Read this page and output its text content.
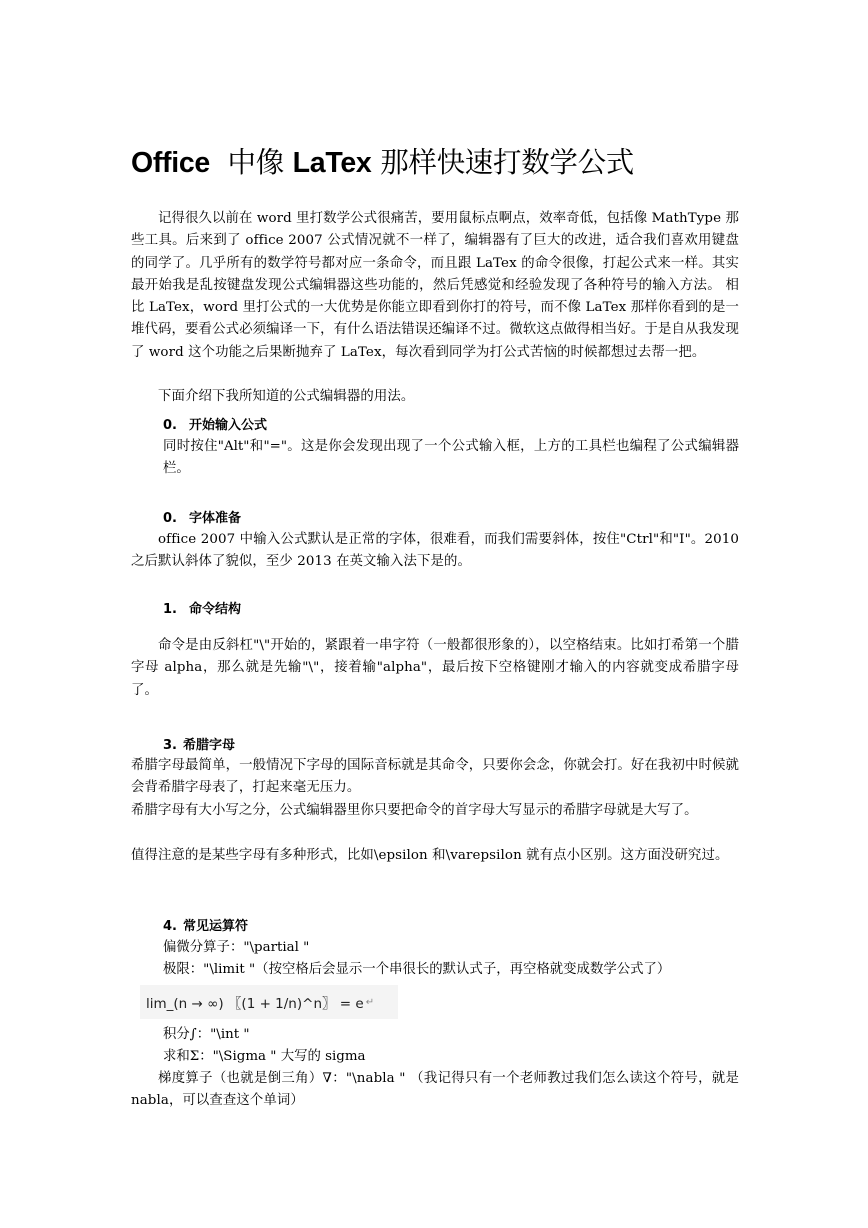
Office 中像 LaTex 那样快速打数学公式

记得很久以前在 word 里打数学公式很痛苦，要用鼠标点啊点，效率奇低，包括像 MathType 那些工具。后来到了 office 2007 公式情况就不一样了，编辑器有了巨大的改进，适合我们喜欢用键盘的同学了。几乎所有的数学符号都对应一条命令，而且跟 LaTex 的命令很像，打起公式来一样。其实最开始我是乱按键盘发现公式编辑器这些功能的，然后凭感觉和经验发现了各种符号的输入方法。 相比 LaTex，word 里打公式的一大优势是你能立即看到你打的符号，而不像 LaTex 那样你看到的是一堆代码，要看公式必须编译一下，有什么语法错误还编译不过。微软这点做得相当好。于是自从我发现了 word 这个功能之后果断抛弃了 LaTex，每次看到同学为打公式苦恼的时候都想过去帮一把。

下面介绍下我所知道的公式编辑器的用法。

0. 开始输入公式

同时按住"Alt"和"="。这是你会发现出现了一个公式输入框，上方的工具栏也编程了公式编辑器栏。

0. 字体准备

office 2007 中输入公式默认是正常的字体，很难看，而我们需要斜体，按住"Ctrl"和"I"。2010 之后默认斜体了貌似，至少 2013 在英文输入法下是的。

1. 命令结构

命令是由反斜杠"\"开始的，紧跟着一串字符（一般都很形象的），以空格结束。比如打希第一个腊字母 alpha，那么就是先输"\"，接着输"alpha"，最后按下空格键刚才输入的内容就变成希腊字母了。

3. 希腊字母

希腊字母最简单，一般情况下字母的国际音标就是其命令，只要你会念，你就会打。好在我初中时候就会背希腊字母表了，打起来毫无压力。

希腊字母有大小写之分，公式编辑器里你只要把命令的首字母大写显示的希腊字母就是大写了。

值得注意的是某些字母有多种形式，比如\epsilon 和\varepsilon 就有点小区别。这方面没研究过。

4. 常见运算符

偏微分算子："\partial "

极限："\limit "（按空格后会显示一个串很长的默认式子，再空格就变成数学公式了）

lim_(n → ∞) 〖(1 + 1/n)^n〗 = e ↵

积分∫："\int "

求和Σ："\Sigma " 大写的 sigma

梯度算子（也就是倒三角）∇："\nabla " （我记得只有一个老师教过我们怎么读这个符号，就是 nabla，可以查查这个单词）
